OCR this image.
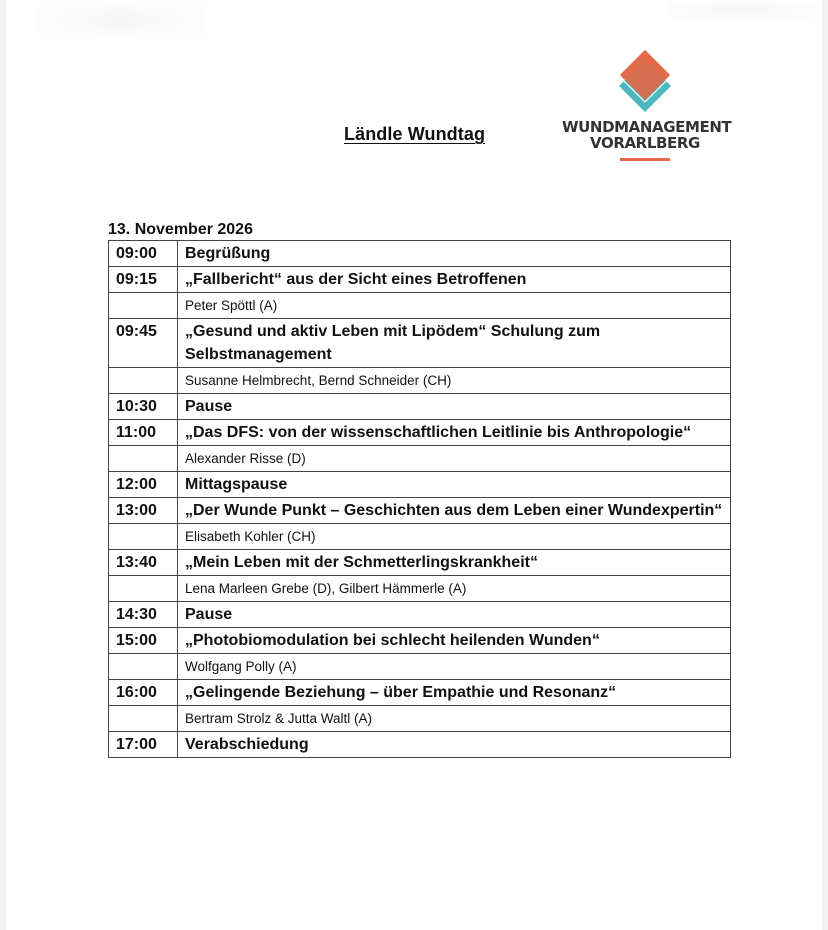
Ländle Wundtag	WUNDMANAGEMENT
VORARLBERG
13. November 2026
09:00	Begrüßung
09:15	„Fallbericht“ aus der Sicht eines Betroffenen
	Peter Spöttl (A)
09:45	„Gesund und aktiv Leben mit Lipödem“ Schulung zum Selbstmanagement
	Susanne Helmbrecht, Bernd Schneider (CH)
10:30	Pause
11:00	„Das DFS: von der wissenschaftlichen Leitlinie bis Anthropologie“
	Alexander Risse (D)
12:00	Mittagspause
13:00	„Der Wunde Punkt – Geschichten aus dem Leben einer Wundexpertin“
	Elisabeth Kohler (CH)
13:40	„Mein Leben mit der Schmetterlingskrankheit“
	Lena Marleen Grebe (D), Gilbert Hämmerle (A)
14:30	Pause
15:00	„Photobiomodulation bei schlecht heilenden Wunden“
	Wolfgang Polly (A)
16:00	„Gelingende Beziehung – über Empathie und Resonanz“
	Bertram Strolz & Jutta Waltl (A)
17:00	Verabschiedung
